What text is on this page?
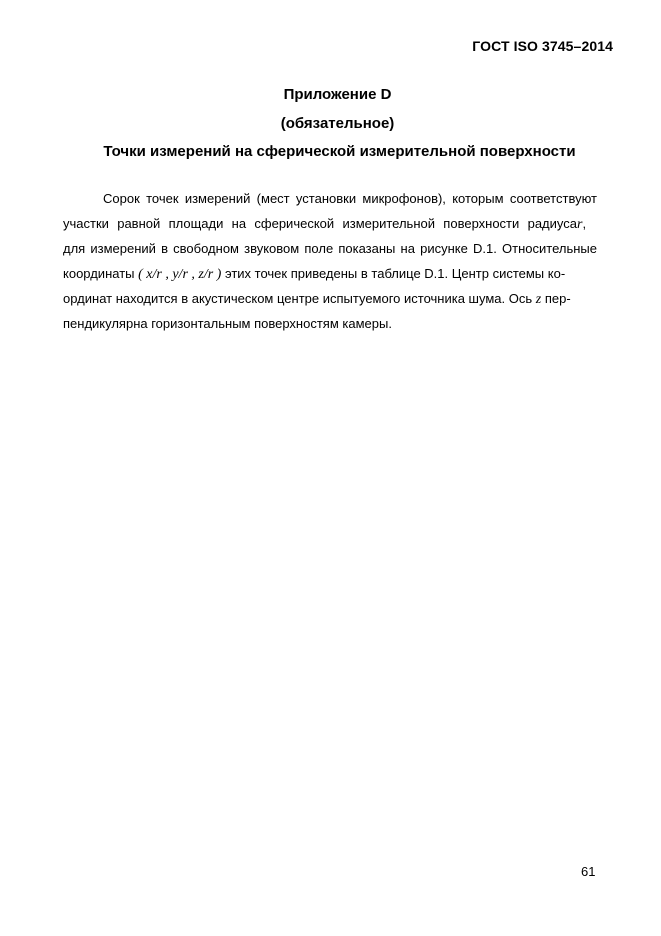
ГОСТ ISO 3745–2014
Приложение D
(обязательное)
Точки измерений на сферической измерительной поверхности
Сорок точек измерений (мест установки микрофонов), которым соответствуют
участки равной площади на сферической измерительной поверхности радиусаr,
для измерений в свободном звуковом поле показаны на рисунке D.1. Относительные
координаты ( x/r , y/r , z/r ) этих точек приведены в таблице D.1. Центр системы ко-
ординат находится в акустическом центре испытуемого источника шума. Ось z пер-
пендикулярна горизонтальным поверхностям камеры.
61
